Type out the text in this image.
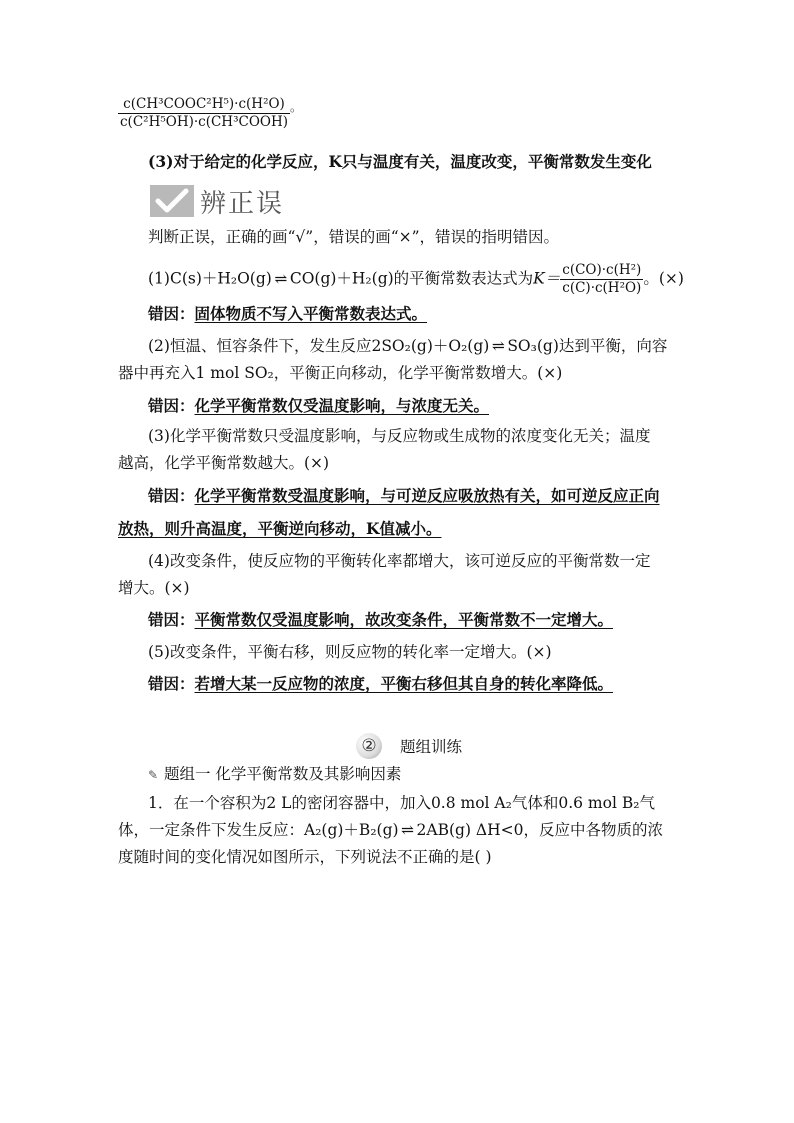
$\frac{\text{c(CH³COOC²H⁵)·c(H²O)}}{\text{c(C²H⁵OH)·c(CH³COOH)}} ^。$
(3)对于给定的化学反应，K只与温度有关，温度改变，平衡常数发生变化
辨正误
判断正误，正确的画“√”，错误的画“×”，错误的指明错因。
(1)C(s)＋H₂O(g) ⇌ CO(g)＋H₂(g)的平衡常数表达式为$K= \frac{\text{c(CO)·c(H²)}}{\text{c(C)·c(H²O)}}$ 。(×)
错因：固体物质不写入平衡常数表达式。
(2)恒温、恒容条件下，发生反应2SO₂(g)＋O₂(g) ⇌ SO₃(g)达到平衡，向容
器中再充入1 mol SO₂，平衡正向移动，化学平衡常数增大。(×)
错因：化学平衡常数仅受温度影响，与浓度无关。
(3)化学平衡常数只受温度影响，与反应物或生成物的浓度变化无关；温度
越高，化学平衡常数越大。(×)
错因：化学平衡常数受温度影响，与可逆反应吸放热有关，如可逆反应正向
放热，则升高温度，平衡逆向移动，K值减小。
(4)改变条件，使反应物的平衡转化率都增大，该可逆反应的平衡常数一定
增大。(×)
错因：平衡常数仅受温度影响，故改变条件，平衡常数不一定增大。
(5)改变条件，平衡右移，则反应物的转化率一定增大。(×)
错因：若增大某一反应物的浓度，平衡右移但其自身的转化率降低。
②	题组训练
✎ 题组一 化学平衡常数及其影响因素
1．在一个容积为2 L的密闭容器中，加入0.8 mol A₂气体和0.6 mol B₂气
体，一定条件下发生反应：A₂(g)＋B₂(g) ⇌ 2AB(g) ΔH<0，反应中各物质的浓
度随时间的变化情况如图所示，下列说法不正确的是( )
